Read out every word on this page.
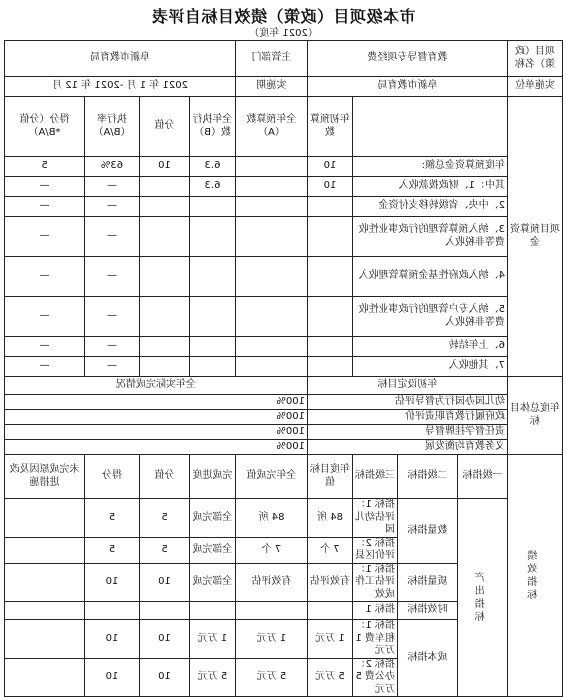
市本级项目（政策）绩效目标自评表
（2021 年度）
项目（政策）名称	教育督导专项经费				主管部门	阜新市教育局			
实施单位	阜新市教育局				实施期	2021 年 1 月 -2021 年 12 月			
项目预算资金				年初预算数	全年预算数（A）	全年执行数（B）	分值	执行率（B/A）	得分（分值*B/A）
	年度预算资金总额:			10		6.3	10	63%	5
	其中：1、财政拨款收入			10		6.3		—	—
	2、中央、省级转移支付资金							—	—
	3、纳入预算管理的行政事业性收费等非税收入							—	—
	4、纳入政府性基金预算管理收入							—	—
	5、纳入专户管理的行政事业性收费等非税收入							—	—
	6、上年结转							—	—
	7、其他收入							—	—
年度总体目标	年初设定目标				全年实际完成情况				
	幼儿园办园行为督导评估				100%				
	政府履行教育职责评价				100%				
	责任督学挂牌督导				100%				
	义务教育均衡发展				100%				
绩效指标	一级指标	二级指标	三级指标	年度目标值	全年完成值	完成进度	分值	得分	未完成原因及改进措施
	产出指标	数量指标	指标 1：评估幼儿园	84 所	84 所	全部完成	5	5	
			指标 2：评价区县	7 个	7 个	全部完成	5	5	
		质量指标	指标 1：评估工作成效	有效评估	有效评估	全部完成	10	10	
		时效指标	指标 1						
		成本指标	指标 1：租车费 1 万元	1 万元	1 万元	1 万元	10	10	
			指标 2：办公费 5 万元	5 万元	5 万元	5 万元	10	10	
